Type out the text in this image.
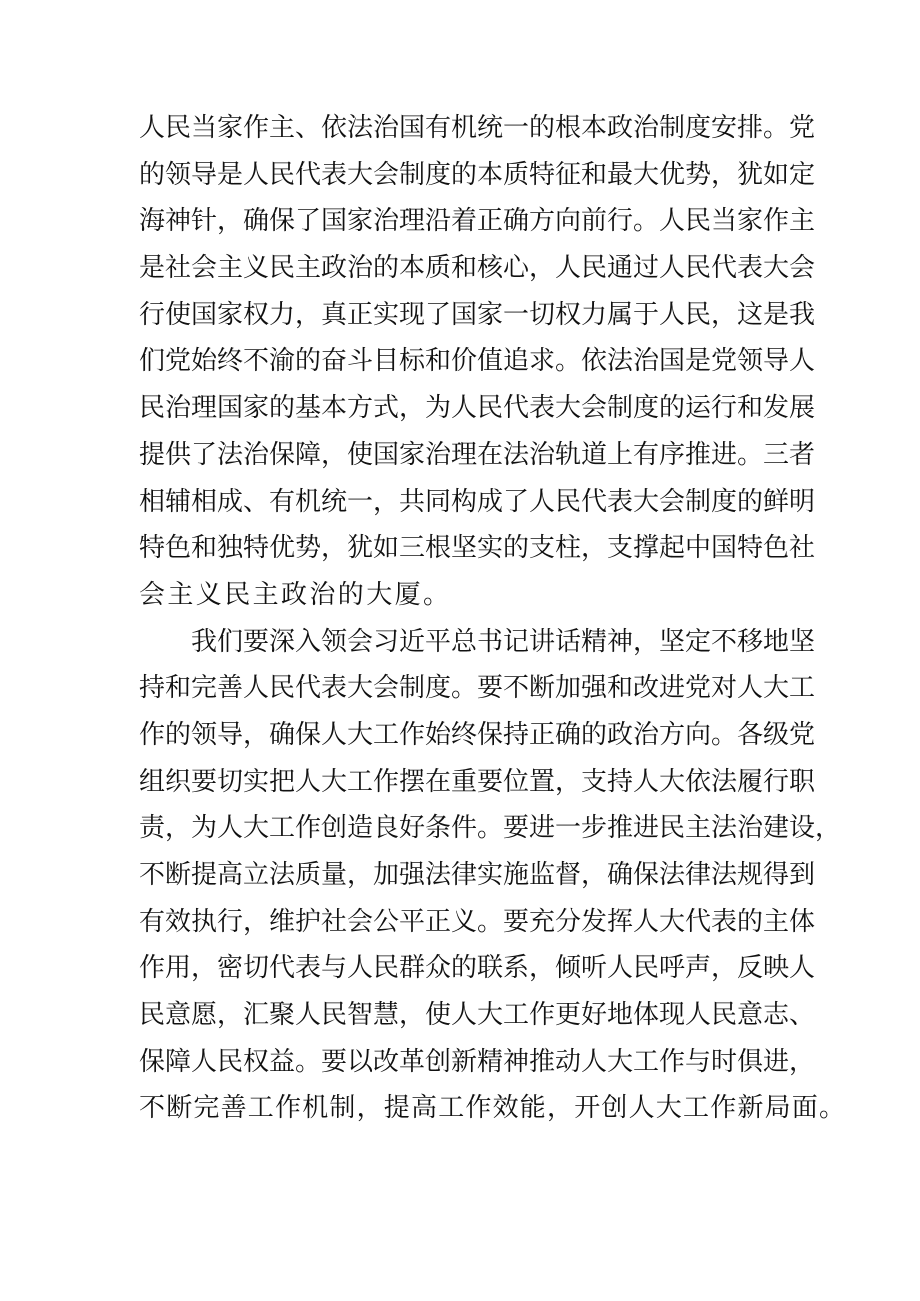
人民当家作主、依法治国有机统一的根本政治制度安排。党
的领导是人民代表大会制度的本质特征和最大优势，犹如定
海神针，确保了国家治理沿着正确方向前行。人民当家作主
是社会主义民主政治的本质和核心，人民通过人民代表大会
行使国家权力，真正实现了国家一切权力属于人民，这是我
们党始终不渝的奋斗目标和价值追求。依法治国是党领导人
民治理国家的基本方式，为人民代表大会制度的运行和发展
提供了法治保障，使国家治理在法治轨道上有序推进。三者
相辅相成、有机统一，共同构成了人民代表大会制度的鲜明
特色和独特优势，犹如三根坚实的支柱，支撑起中国特色社
会主义民主政治的大厦。
我们要深入领会习近平总书记讲话精神，坚定不移地坚
持和完善人民代表大会制度。要不断加强和改进党对人大工
作的领导，确保人大工作始终保持正确的政治方向。各级党
组织要切实把人大工作摆在重要位置，支持人大依法履行职
责，为人大工作创造良好条件。要进一步推进民主法治建设，
不断提高立法质量，加强法律实施监督，确保法律法规得到
有效执行，维护社会公平正义。要充分发挥人大代表的主体
作用，密切代表与人民群众的联系，倾听人民呼声，反映人
民意愿，汇聚人民智慧，使人大工作更好地体现人民意志、
保障人民权益。要以改革创新精神推动人大工作与时俱进，
不断完善工作机制，提高工作效能，开创人大工作新局面。
